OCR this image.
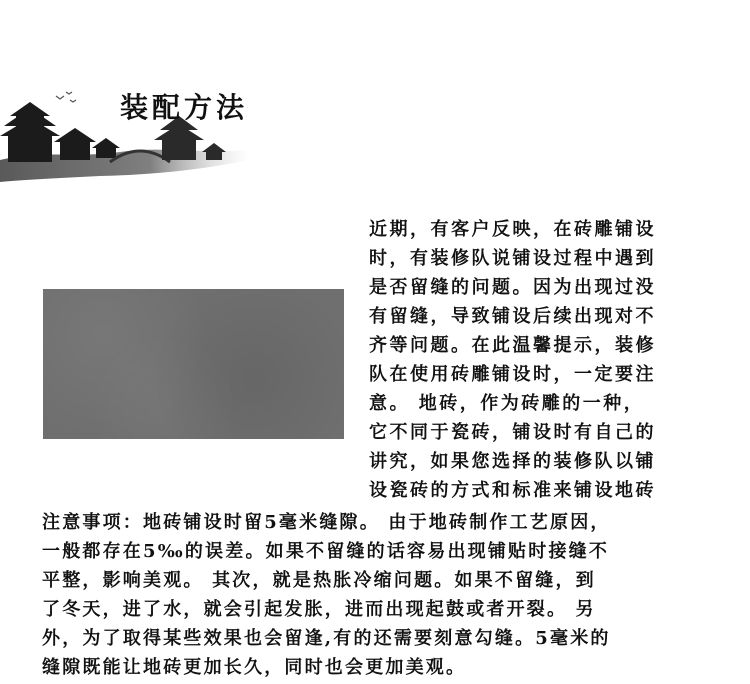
装配方法
近期，有客户反映，在砖雕铺设
时，有装修队说铺设过程中遇到
是否留缝的问题。因为出现过没
有留缝，导致铺设后续出现对不
齐等问题。在此温馨提示，装修
队在使用砖雕铺设时，一定要注
意。 地砖，作为砖雕的一种，
它不同于瓷砖，铺设时有自己的
讲究，如果您选择的装修队以铺
设瓷砖的方式和标准来铺设地砖
注意事项：地砖铺设时留5毫米缝隙。 由于地砖制作工艺原因，
一般都存在5‰的误差。如果不留缝的话容易出现铺贴时接缝不
平整，影响美观。 其次，就是热胀冷缩问题。如果不留缝，到
了冬天，进了水，就会引起发胀，进而出现起鼓或者开裂。 另
外，为了取得某些效果也会留逢,有的还需要刻意勾缝。5毫米的
缝隙既能让地砖更加长久，同时也会更加美观。
